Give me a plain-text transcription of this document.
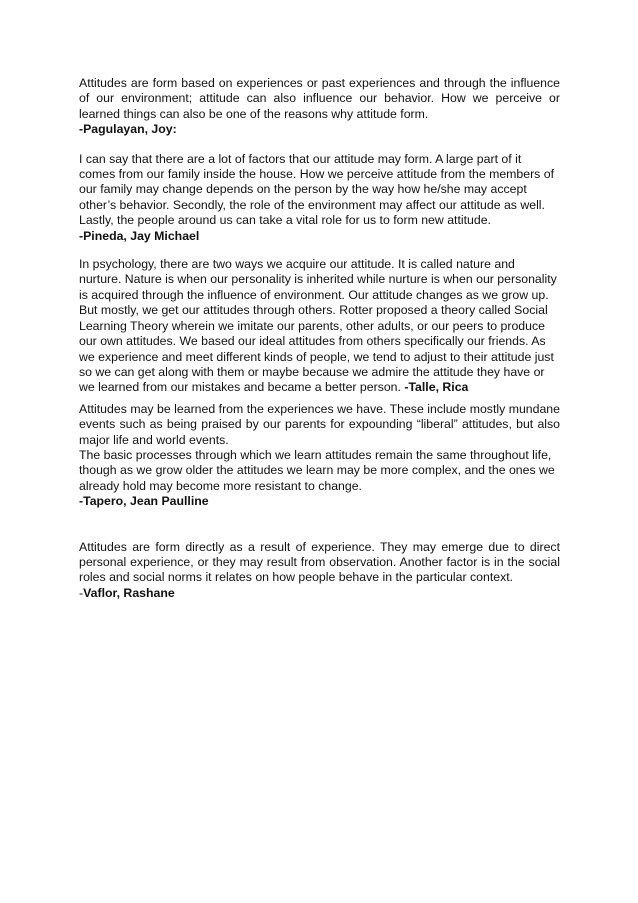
Attitudes are form based on experiences or past experiences and through the influence of our environment; attitude can also influence our behavior. How we perceive or learned things can also be one of the reasons why attitude form.

-Pagulayan, Joy:

I can say that there are a lot of factors that our attitude may form. A large part of it comes from our family inside the house. How we perceive attitude from the members of our family may change depends on the person by the way how he/she may accept other’s behavior. Secondly, the role of the environment may affect our attitude as well. Lastly, the people around us can take a vital role for us to form new attitude.

-Pineda, Jay Michael

In psychology, there are two ways we acquire our attitude. It is called nature and nurture. Nature is when our personality is inherited while nurture is when our personality is acquired through the influence of environment. Our attitude changes as we grow up. But mostly, we get our attitudes through others. Rotter proposed a theory called Social Learning Theory wherein we imitate our parents, other adults, or our peers to produce our own attitudes. We based our ideal attitudes from others specifically our friends. As we experience and meet different kinds of people, we tend to adjust to their attitude just so we can get along with them or maybe because we admire the attitude they have or we learned from our mistakes and became a better person. -Talle, Rica

Attitudes may be learned from the experiences we have. These include mostly mundane events such as being praised by our parents for expounding “liberal” attitudes, but also major life and world events.

The basic processes through which we learn attitudes remain the same throughout life, though as we grow older the attitudes we learn may be more complex, and the ones we already hold may become more resistant to change.

-Tapero, Jean Paulline

Attitudes are form directly as a result of experience. They may emerge due to direct personal experience, or they may result from observation. Another factor is in the social roles and social norms it relates on how people behave in the particular context.

-Vaflor, Rashane
